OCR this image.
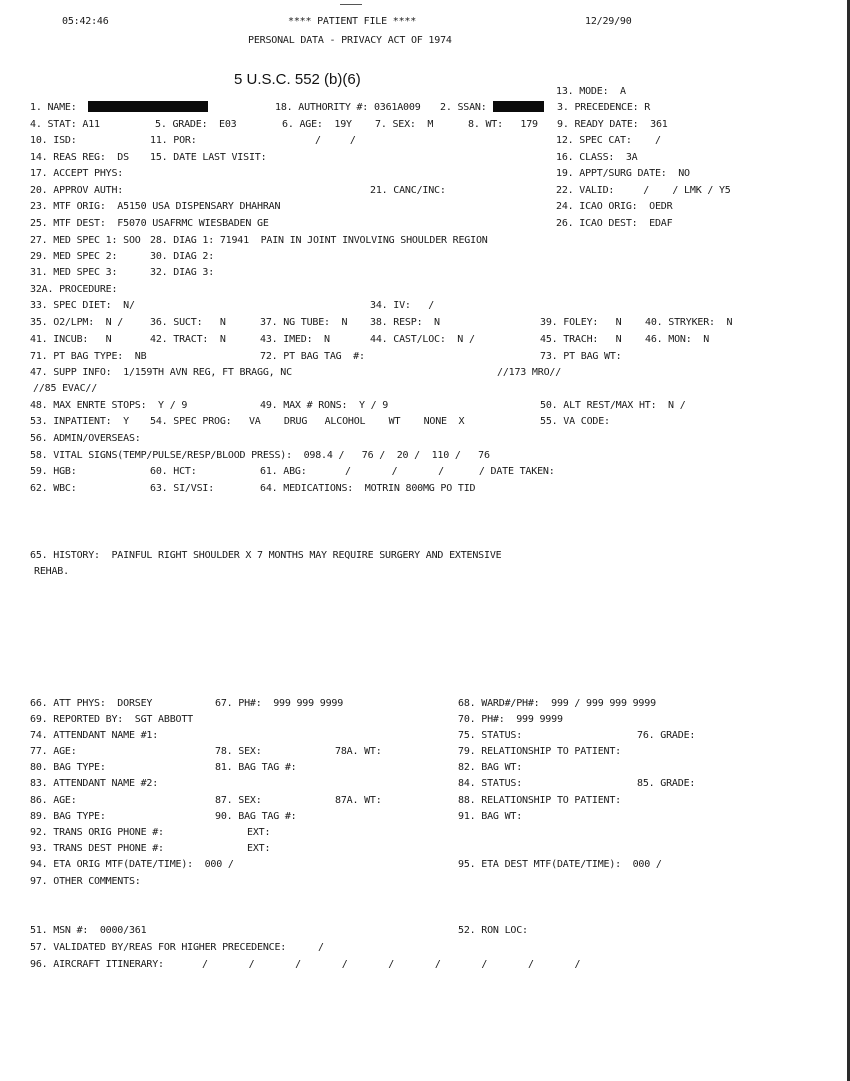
05:42:46	**** PATIENT FILE ****
PERSONAL DATA - PRIVACY ACT OF 1974
12/29/90
5 U.S.C. 552 (b)(6)
13. MODE:  A
1. NAME:	18. AUTHORITY #: 0361A009 2. SSAN:	3. PRECEDENCE: R
4. STAT: A11	5. GRADE:  E03	6. AGE:  19Y 7. SEX:  M	8. WT:   179 9. READY DATE:  361
10. ISD:	11. POR:	/     /	12. SPEC CAT:    /
14. REAS REG:  DS 15. DATE LAST VISIT:	16. CLASS:  3A
17. ACCEPT PHYS:	19. APPT/SURG DATE:  NO
20. APPROV AUTH:	21. CANC/INC:	22. VALID:     /    / LMK / Y5
23. MTF ORIG:  A5150 USA DISPENSARY DHAHRAN	24. ICAO ORIG:  OEDR
25. MTF DEST:  F5070 USAFRMC WIESBADEN GE	26. ICAO DEST:  EDAF
27. MED SPEC 1: SOO 28. DIAG 1: 71941  PAIN IN JOINT INVOLVING SHOULDER REGION
29. MED SPEC 2:	30. DIAG 2:
31. MED SPEC 3:	32. DIAG 3:
32A. PROCEDURE:
33. SPEC DIET:  N/	34. IV:   /
35. O2/LPM:  N /	36. SUCT:   N	37. NG TUBE:  N 38. RESP:  N	39. FOLEY:   N 40. STRYKER:  N
41. INCUB:   N	42. TRACT:  N	43. IMED:  N	44. CAST/LOC:  N /	45. TRACH:   N 46. MON:  N
71. PT BAG TYPE:  NB	72. PT BAG TAG  #:	73. PT BAG WT:
47. SUPP INFO:  1/159TH AVN REG, FT BRAGG, NC	//173 MRO//
//85 EVAC//
48. MAX ENRTE STOPS:  Y / 9	49. MAX # RONS:  Y / 9	50. ALT REST/MAX HT:  N /
53. INPATIENT:  Y 54. SPEC PROG:   VA    DRUG   ALCOHOL    WT    NONE  X	55. VA CODE:
56. ADMIN/OVERSEAS:
58. VITAL SIGNS(TEMP/PULSE/RESP/BLOOD PRESS):  098.4 /   76 /  20 /  110 /   76
59. HGB:	60. HCT:	61. ABG:	/       /       /      / DATE TAKEN:
62. WBC:	63. SI/VSI:	64. MEDICATIONS:  MOTRIN 800MG PO TID
65. HISTORY:  PAINFUL RIGHT SHOULDER X 7 MONTHS MAY REQUIRE SURGERY AND EXTENSIVE
REHAB.
66. ATT PHYS:  DORSEY	67. PH#:  999 999 9999	68. WARD#/PH#:  999 / 999 999 9999
69. REPORTED BY:  SGT ABBOTT	70. PH#:  999 9999
74. ATTENDANT NAME #1:	75. STATUS:	76. GRADE:
77. AGE:	78. SEX:	78A. WT:	79. RELATIONSHIP TO PATIENT:
80. BAG TYPE:	81. BAG TAG #:	82. BAG WT:
83. ATTENDANT NAME #2:	84. STATUS:	85. GRADE:
86. AGE:	87. SEX:	87A. WT:	88. RELATIONSHIP TO PATIENT:
89. BAG TYPE:	90. BAG TAG #:	91. BAG WT:
92. TRANS ORIG PHONE #:	EXT:
93. TRANS DEST PHONE #:	EXT:
94. ETA ORIG MTF(DATE/TIME):  000 /	95. ETA DEST MTF(DATE/TIME):  000 /
97. OTHER COMMENTS:
51. MSN #:  0000/361	52. RON LOC:
57. VALIDATED BY/REAS FOR HIGHER PRECEDENCE:	/
96. AIRCRAFT ITINERARY:	/       /       /       /       /       /       /       /       /
